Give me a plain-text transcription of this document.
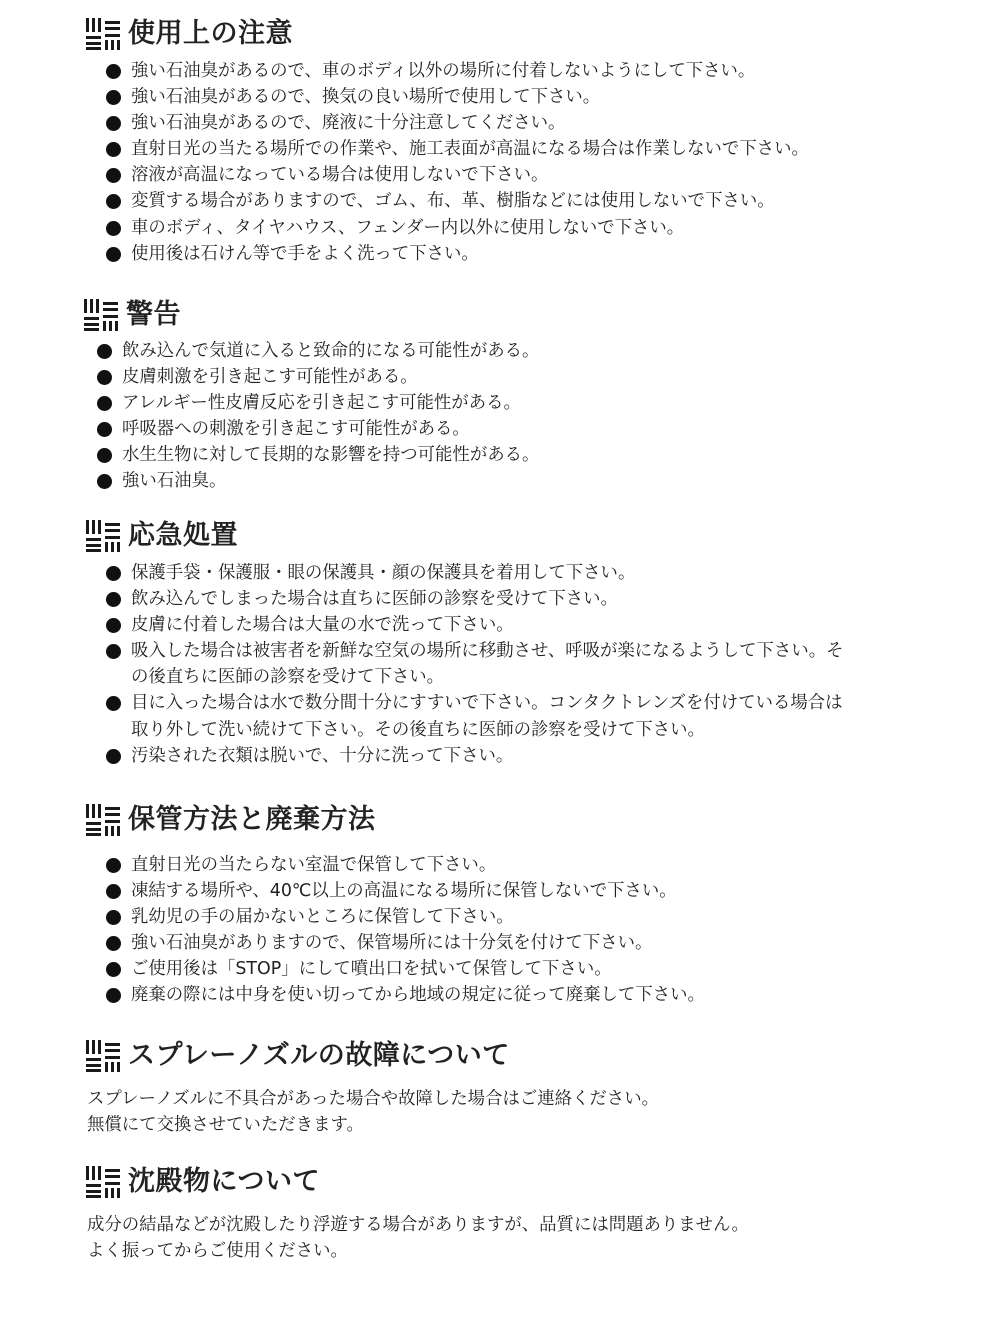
使用上の注意
強い石油臭があるので、車のボディ以外の場所に付着しないようにして下さい。
強い石油臭があるので、換気の良い場所で使用して下さい。
強い石油臭があるので、廃液に十分注意してください。
直射日光の当たる場所での作業や、施工表面が高温になる場合は作業しないで下さい。
溶液が高温になっている場合は使用しないで下さい。
変質する場合がありますので、ゴム、布、革、樹脂などには使用しないで下さい。
車のボディ、タイヤハウス、フェンダー内以外に使用しないで下さい。
使用後は石けん等で手をよく洗って下さい。
警告
飲み込んで気道に入ると致命的になる可能性がある。
皮膚刺激を引き起こす可能性がある。
アレルギー性皮膚反応を引き起こす可能性がある。
呼吸器への刺激を引き起こす可能性がある。
水生生物に対して長期的な影響を持つ可能性がある。
強い石油臭。
応急処置
保護手袋・保護服・眼の保護具・顔の保護具を着用して下さい。
飲み込んでしまった場合は直ちに医師の診察を受けて下さい。
皮膚に付着した場合は大量の水で洗って下さい。
吸入した場合は被害者を新鮮な空気の場所に移動させ、呼吸が楽になるようして下さい。そ
の後直ちに医師の診察を受けて下さい。
目に入った場合は水で数分間十分にすすいで下さい。コンタクトレンズを付けている場合は
取り外して洗い続けて下さい。その後直ちに医師の診察を受けて下さい。
汚染された衣類は脱いで、十分に洗って下さい。
保管方法と廃棄方法
直射日光の当たらない室温で保管して下さい。
凍結する場所や、40℃以上の高温になる場所に保管しないで下さい。
乳幼児の手の届かないところに保管して下さい。
強い石油臭がありますので、保管場所には十分気を付けて下さい。
ご使用後は「STOP」にして噴出口を拭いて保管して下さい。
廃棄の際には中身を使い切ってから地域の規定に従って廃棄して下さい。
スプレーノズルの故障について
スプレーノズルに不具合があった場合や故障した場合はご連絡ください。
無償にて交換させていただきます。
沈殿物について
成分の結晶などが沈殿したり浮遊する場合がありますが、品質には問題ありません。
よく振ってからご使用ください。
